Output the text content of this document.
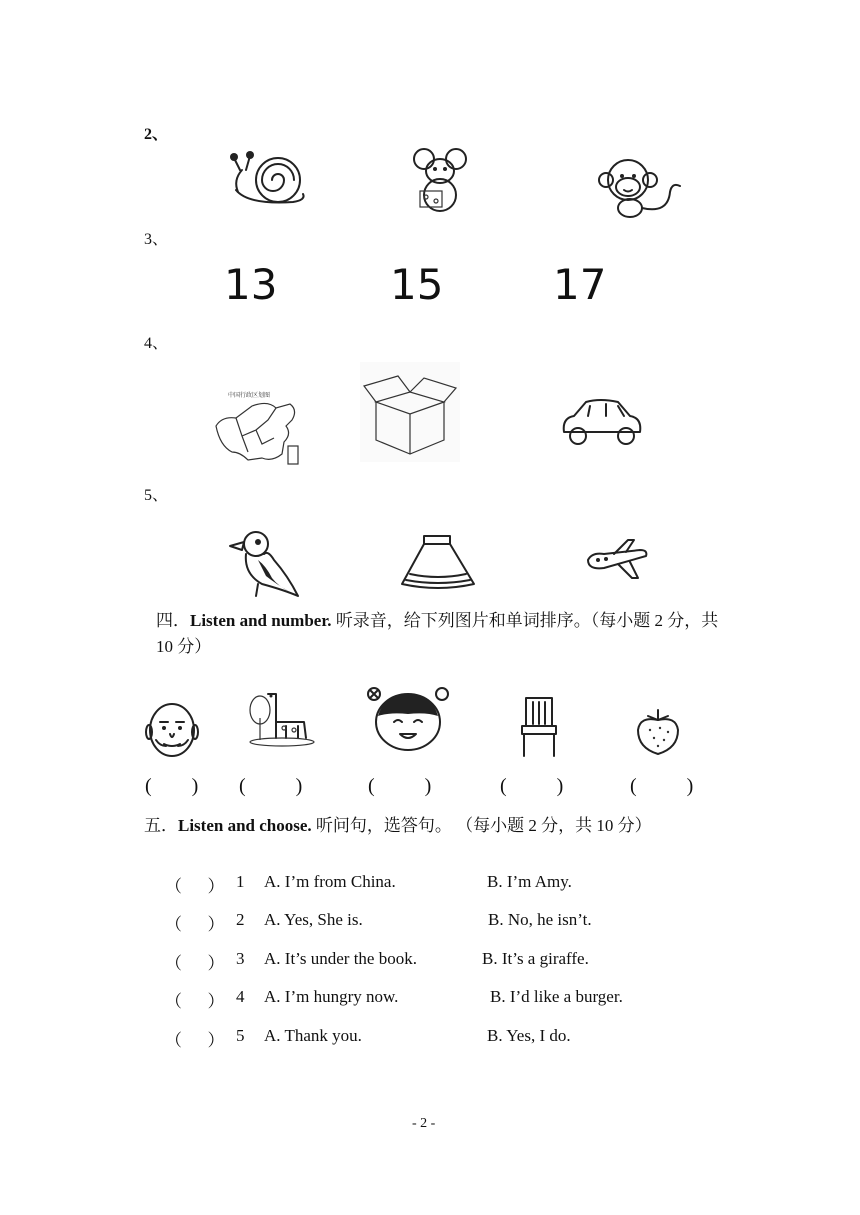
2、
3、
13	15	17
4、
中国行政区划图
5、
四．Listen and number. 听录音，给下列图片和单词排序。（每小题 2 分，共 10 分）
(        ) (          )	(          )	(          )	(          )
五．Listen and choose. 听问句，选答句。 （每小题 2 分，共 10 分）
（      ） 1 A. I’m from China.	B. I’m Amy.
（      ） 2 A. Yes, She is.	B. No, he isn’t.
（      ） 3 A. It’s under the book.	B. It’s a giraffe.
（      ） 4 A. I’m hungry now.	B. I’d like a burger.
（      ） 5 A. Thank you.	B. Yes, I do.
- 2 -
